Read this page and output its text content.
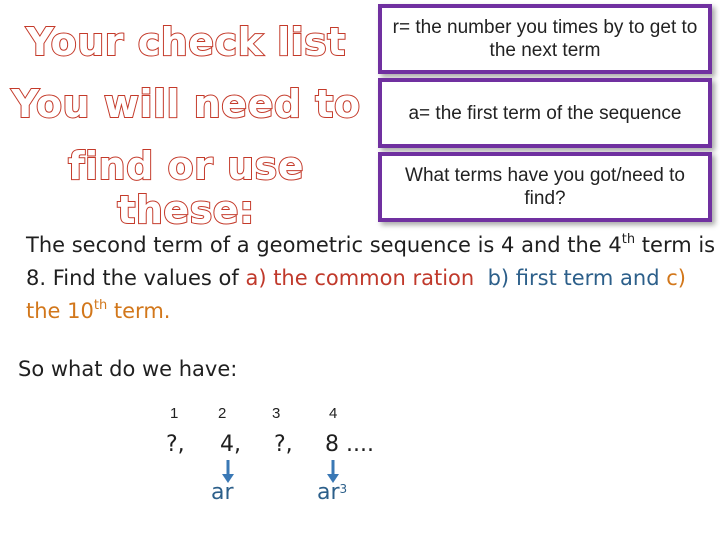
Your check list
You will need to
find or use these:
r= the number you times by to get to the next term
a= the first term of the sequence
What terms have you got/need to find?
The second term of a geometric sequence is 4 and the 4th term is 8. Find the values of a) the common ration b) first term and c) the 10th term.
So what do we have:
1	2	3	4
?, 4, ?, 8 ....
ar	$ar^3$
